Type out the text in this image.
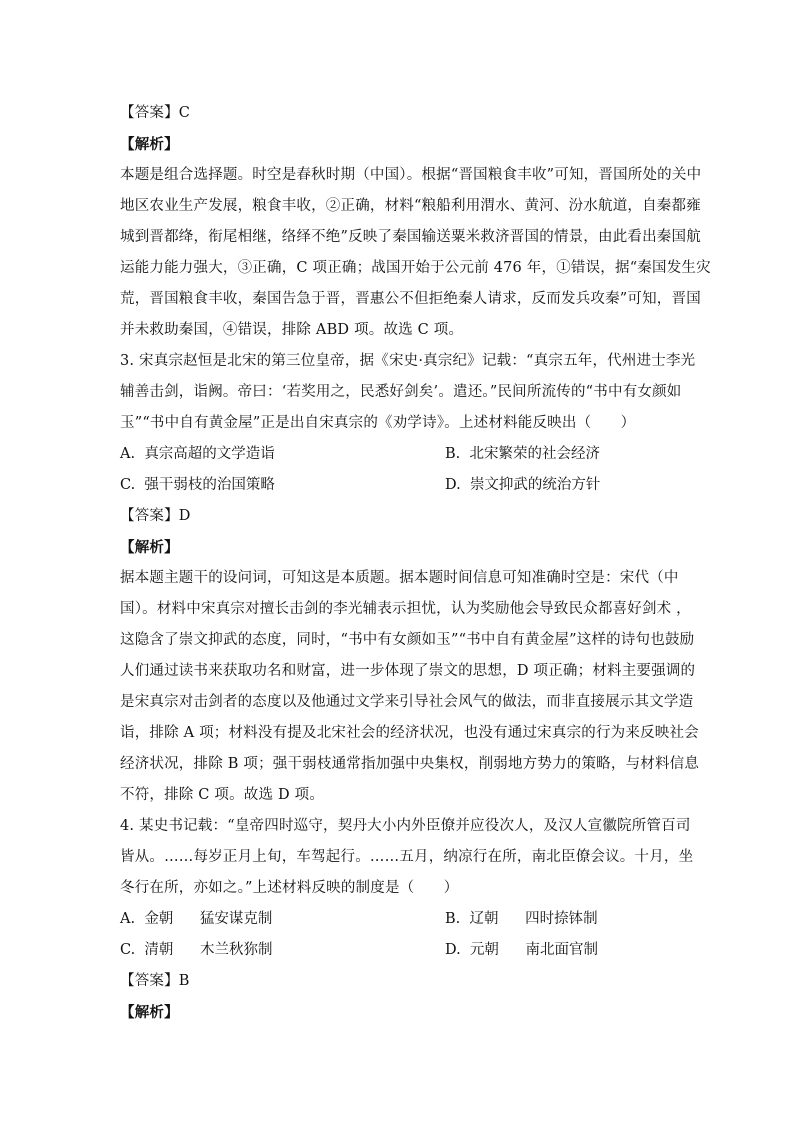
【答案】C
【解析】
本题是组合选择题。时空是春秋时期（中国）。根据“晋国粮食丰收”可知，晋国所处的关中
地区农业生产发展，粮食丰收，②正确，材料“粮船利用渭水、黄河、汾水航道，自秦都雍
城到晋都绛，衔尾相继，络绎不绝”反映了秦国输送粟米救济晋国的情景，由此看出秦国航
运能力能力强大，③正确，C 项正确；战国开始于公元前 476 年，①错误，据“秦国发生灾
荒，晋国粮食丰收，秦国告急于晋，晋惠公不但拒绝秦人请求，反而发兵攻秦”可知，晋国
并未救助秦国，④错误，排除 ABD 项。故选 C 项。
3. 宋真宗赵恒是北宋的第三位皇帝，据《宋史·真宗纪》记载：“真宗五年，代州进士李光
辅善击剑，诣阙。帝曰：‘若奖用之，民悉好剑矣’。遣还。”民间所流传的“书中有女颜如
玉”“书中自有黄金屋”正是出自宋真宗的《劝学诗》。上述材料能反映出（　　）
A. 真宗高超的文学造诣	B. 北宋繁荣的社会经济
C. 强干弱枝的治国策略	D. 崇文抑武的统治方针
【答案】D
【解析】
据本题主题干的设问词，可知这是本质题。据本题时间信息可知准确时空是：宋代（中
国）。材料中宋真宗对擅长击剑的李光辅表示担忧，认为奖励他会导致民众都喜好剑术 ，
这隐含了崇文抑武的态度，同时，“书中有女颜如玉”“书中自有黄金屋”这样的诗句也鼓励
人们通过读书来获取功名和财富，进一步体现了崇文的思想，D 项正确；材料主要强调的
是宋真宗对击剑者的态度以及他通过文学来引导社会风气的做法，而非直接展示其文学造
诣，排除 A 项；材料没有提及北宋社会的经济状况，也没有通过宋真宗的行为来反映社会
经济状况，排除 B 项；强干弱枝通常指加强中央集权，削弱地方势力的策略，与材料信息
不符，排除 C 项。故选 D 项。
4. 某史书记载：“皇帝四时巡守，契丹大小内外臣僚并应役次人，及汉人宣徽院所管百司
皆从。……每岁正月上旬，车驾起行。……五月，纳凉行在所，南北臣僚会议。十月，坐
冬行在所，亦如之。”上述材料反映的制度是（　　）
A. 金朝 猛安谋克制	B. 辽朝 四时捺钵制
C. 清朝 木兰秋狝制	D. 元朝 南北面官制
【答案】B
【解析】
